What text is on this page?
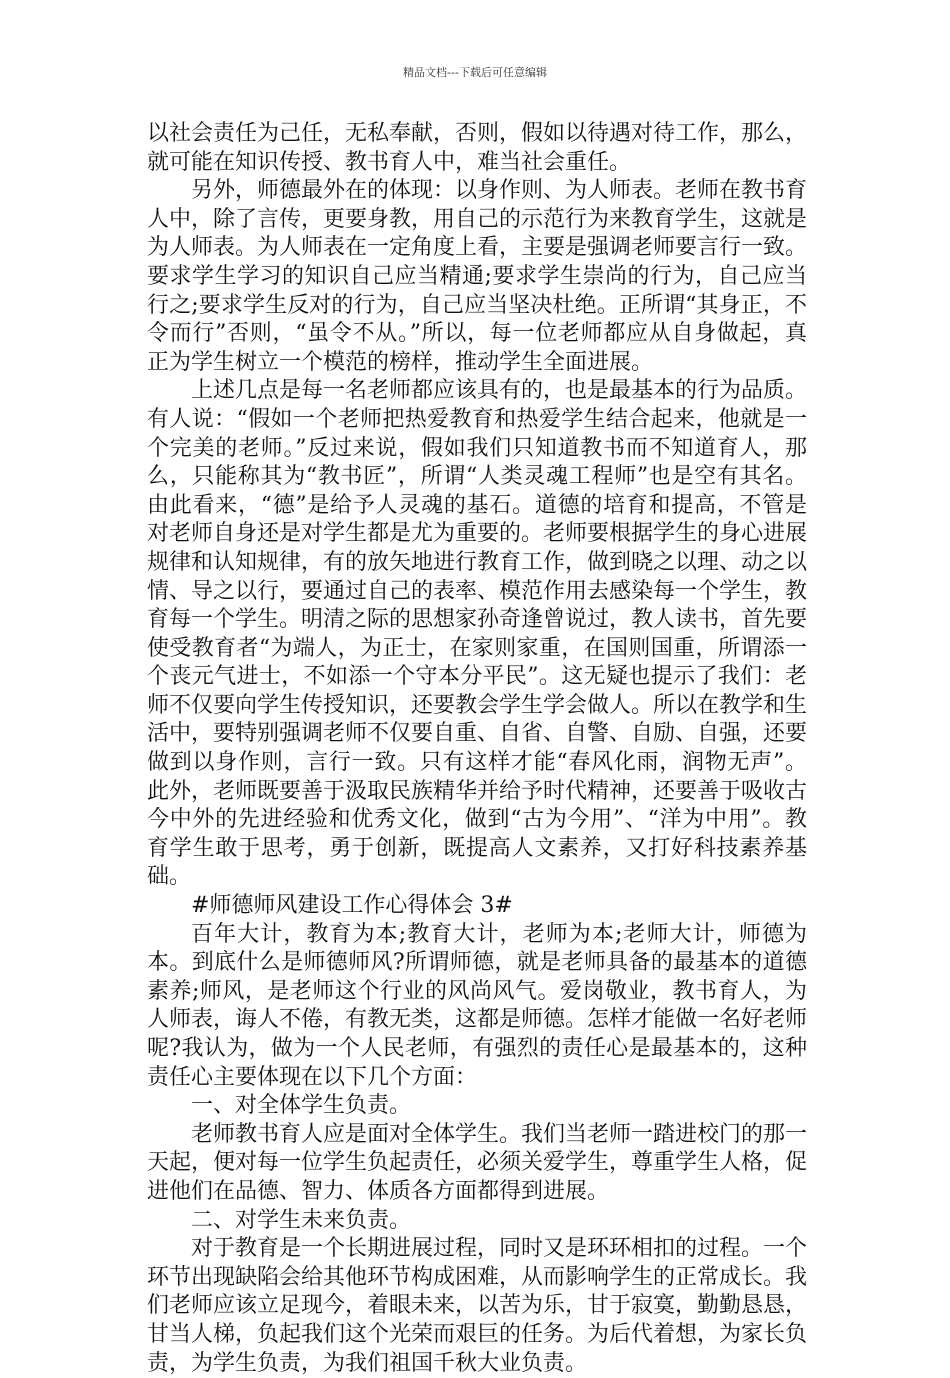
精品文档---下载后可任意编辑

以社会责任为己任，无私奉献，否则，假如以待遇对待工作，那么，就可能在知识传授、教书育人中，难当社会重任。

另外，师德最外在的体现：以身作则、为人师表。老师在教书育人中，除了言传，更要身教，用自己的示范行为来教育学生，这就是为人师表。为人师表在一定角度上看，主要是强调老师要言行一致。要求学生学习的知识自己应当精通;要求学生崇尚的行为，自己应当行之;要求学生反对的行为，自己应当坚决杜绝。正所谓“其身正，不令而行”否则，“虽令不从。”所以，每一位老师都应从自身做起，真正为学生树立一个模范的榜样，推动学生全面进展。

上述几点是每一名老师都应该具有的，也是最基本的行为品质。有人说：“假如一个老师把热爱教育和热爱学生结合起来，他就是一个完美的老师。”反过来说，假如我们只知道教书而不知道育人，那么，只能称其为“教书匠”，所谓“人类灵魂工程师”也是空有其名。由此看来，“德”是给予人灵魂的基石。道德的培育和提高，不管是对老师自身还是对学生都是尤为重要的。老师要根据学生的身心进展规律和认知规律，有的放矢地进行教育工作，做到晓之以理、动之以情、导之以行，要通过自己的表率、模范作用去感染每一个学生，教育每一个学生。明清之际的思想家孙奇逢曾说过，教人读书，首先要使受教育者“为端人，为正士，在家则家重，在国则国重，所谓添一个丧元气进士，不如添一个守本分平民”。这无疑也提示了我们：老师不仅要向学生传授知识，还要教会学生学会做人。所以在教学和生活中，要特别强调老师不仅要自重、自省、自警、自励、自强，还要做到以身作则，言行一致。只有这样才能“春风化雨，润物无声”。此外，老师既要善于汲取民族精华并给予时代精神，还要善于吸收古今中外的先进经验和优秀文化，做到“古为今用”、“洋为中用”。教育学生敢于思考，勇于创新，既提高人文素养，又打好科技素养基础。

#师德师风建设工作心得体会 3#

百年大计，教育为本;教育大计，老师为本;老师大计，师德为本。到底什么是师德师风?所谓师德，就是老师具备的最基本的道德素养;师风，是老师这个行业的风尚风气。爱岗敬业，教书育人，为人师表，诲人不倦，有教无类，这都是师德。怎样才能做一名好老师呢?我认为，做为一个人民老师，有强烈的责任心是最基本的，这种责任心主要体现在以下几个方面：

一、对全体学生负责。

老师教书育人应是面对全体学生。我们当老师一踏进校门的那一天起，便对每一位学生负起责任，必须关爱学生，尊重学生人格，促进他们在品德、智力、体质各方面都得到进展。

二、对学生未来负责。

对于教育是一个长期进展过程，同时又是环环相扣的过程。一个环节出现缺陷会给其他环节构成困难，从而影响学生的正常成长。我们老师应该立足现今，着眼未来，以苦为乐，甘于寂寞，勤勤恳恳，甘当人梯，负起我们这个光荣而艰巨的任务。为后代着想，为家长负责，为学生负责，为我们祖国千秋大业负责。
